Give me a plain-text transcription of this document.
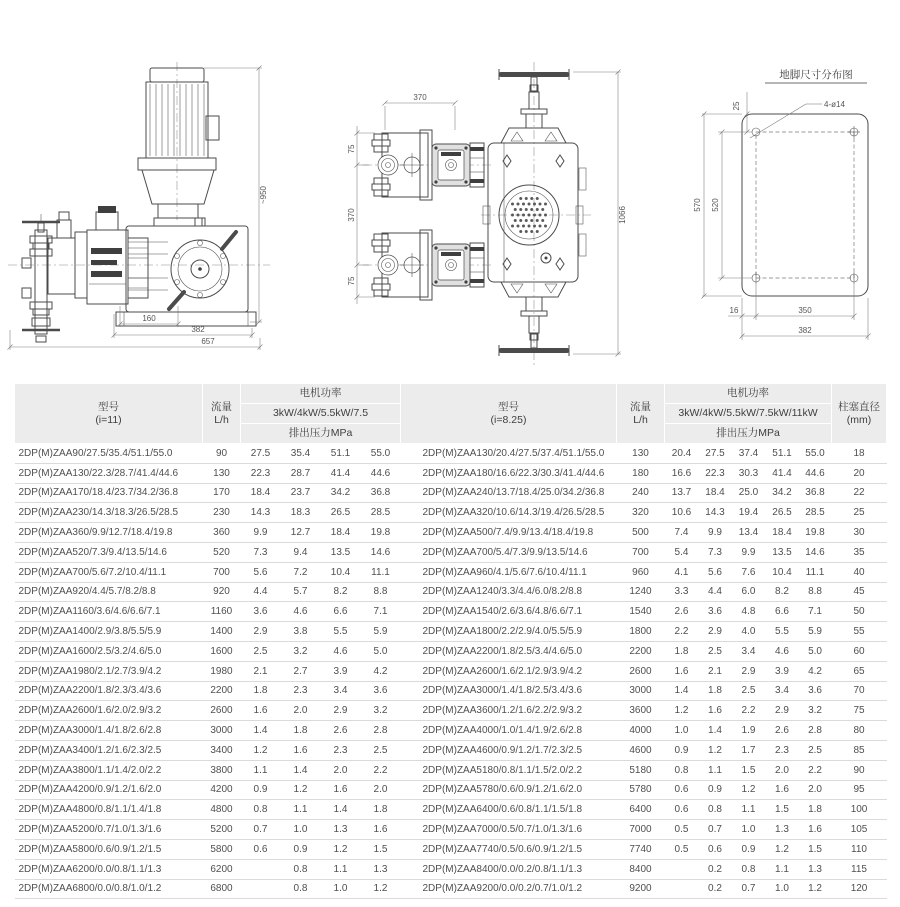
~950
160
382
657
370
75
370
75
1066
地脚尺寸分布图
4-ø14
25
570 520
16	350
382
型号
(i=11)	流量
L/h	电机功率				型号
(i=8.25)	流量
L/h	电机功率					柱塞直径
(mm)

		3kW/4kW/5.5kW/7.5						3kW/4kW/5.5kW/7.5kW/11kW					
		排出压力MPa						排出压力MPa					
2DP(M)ZAA90/27.5/35.4/51.1/55.0	90	27.5	35.4	51.1	55.0	2DP(M)ZAA130/20.4/27.5/37.4/51.1/55.0	130	20.4	27.5	37.4	51.1	55.0	18
2DP(M)ZAA130/22.3/28.7/41.4/44.6	130	22.3	28.7	41.4	44.6	2DP(M)ZAA180/16.6/22.3/30.3/41.4/44.6	180	16.6	22.3	30.3	41.4	44.6	20
2DP(M)ZAA170/18.4/23.7/34.2/36.8	170	18.4	23.7	34.2	36.8	2DP(M)ZAA240/13.7/18.4/25.0/34.2/36.8	240	13.7	18.4	25.0	34.2	36.8	22
2DP(M)ZAA230/14.3/18.3/26.5/28.5	230	14.3	18.3	26.5	28.5	2DP(M)ZAA320/10.6/14.3/19.4/26.5/28.5	320	10.6	14.3	19.4	26.5	28.5	25
2DP(M)ZAA360/9.9/12.7/18.4/19.8	360	9.9	12.7	18.4	19.8	2DP(M)ZAA500/7.4/9.9/13.4/18.4/19.8	500	7.4	9.9	13.4	18.4	19.8	30
2DP(M)ZAA520/7.3/9.4/13.5/14.6	520	7.3	9.4	13.5	14.6	2DP(M)ZAA700/5.4/7.3/9.9/13.5/14.6	700	5.4	7.3	9.9	13.5	14.6	35
2DP(M)ZAA700/5.6/7.2/10.4/11.1	700	5.6	7.2	10.4	11.1	2DP(M)ZAA960/4.1/5.6/7.6/10.4/11.1	960	4.1	5.6	7.6	10.4	11.1	40
2DP(M)ZAA920/4.4/5.7/8.2/8.8	920	4.4	5.7	8.2	8.8	2DP(M)ZAA1240/3.3/4.4/6.0/8.2/8.8	1240	3.3	4.4	6.0	8.2	8.8	45
2DP(M)ZAA1160/3.6/4.6/6.6/7.1	1160	3.6	4.6	6.6	7.1	2DP(M)ZAA1540/2.6/3.6/4.8/6.6/7.1	1540	2.6	3.6	4.8	6.6	7.1	50
2DP(M)ZAA1400/2.9/3.8/5.5/5.9	1400	2.9	3.8	5.5	5.9	2DP(M)ZAA1800/2.2/2.9/4.0/5.5/5.9	1800	2.2	2.9	4.0	5.5	5.9	55
2DP(M)ZAA1600/2.5/3.2/4.6/5.0	1600	2.5	3.2	4.6	5.0	2DP(M)ZAA2200/1.8/2.5/3.4/4.6/5.0	2200	1.8	2.5	3.4	4.6	5.0	60
2DP(M)ZAA1980/2.1/2.7/3.9/4.2	1980	2.1	2.7	3.9	4.2	2DP(M)ZAA2600/1.6/2.1/2.9/3.9/4.2	2600	1.6	2.1	2.9	3.9	4.2	65
2DP(M)ZAA2200/1.8/2.3/3.4/3.6	2200	1.8	2.3	3.4	3.6	2DP(M)ZAA3000/1.4/1.8/2.5/3.4/3.6	3000	1.4	1.8	2.5	3.4	3.6	70
2DP(M)ZAA2600/1.6/2.0/2.9/3.2	2600	1.6	2.0	2.9	3.2	2DP(M)ZAA3600/1.2/1.6/2.2/2.9/3.2	3600	1.2	1.6	2.2	2.9	3.2	75
2DP(M)ZAA3000/1.4/1.8/2.6/2.8	3000	1.4	1.8	2.6	2.8	2DP(M)ZAA4000/1.0/1.4/1.9/2.6/2.8	4000	1.0	1.4	1.9	2.6	2.8	80
2DP(M)ZAA3400/1.2/1.6/2.3/2.5	3400	1.2	1.6	2.3	2.5	2DP(M)ZAA4600/0.9/1.2/1.7/2.3/2.5	4600	0.9	1.2	1.7	2.3	2.5	85
2DP(M)ZAA3800/1.1/1.4/2.0/2.2	3800	1.1	1.4	2.0	2.2	2DP(M)ZAA5180/0.8/1.1/1.5/2.0/2.2	5180	0.8	1.1	1.5	2.0	2.2	90
2DP(M)ZAA4200/0.9/1.2/1.6/2.0	4200	0.9	1.2	1.6	2.0	2DP(M)ZAA5780/0.6/0.9/1.2/1.6/2.0	5780	0.6	0.9	1.2	1.6	2.0	95
2DP(M)ZAA4800/0.8/1.1/1.4/1.8	4800	0.8	1.1	1.4	1.8	2DP(M)ZAA6400/0.6/0.8/1.1/1.5/1.8	6400	0.6	0.8	1.1	1.5	1.8	100
2DP(M)ZAA5200/0.7/1.0/1.3/1.6	5200	0.7	1.0	1.3	1.6	2DP(M)ZAA7000/0.5/0.7/1.0/1.3/1.6	7000	0.5	0.7	1.0	1.3	1.6	105
2DP(M)ZAA5800/0.6/0.9/1.2/1.5	5800	0.6	0.9	1.2	1.5	2DP(M)ZAA7740/0.5/0.6/0.9/1.2/1.5	7740	0.5	0.6	0.9	1.2	1.5	110
2DP(M)ZAA6200/0.0/0.8/1.1/1.3	6200		0.8	1.1	1.3	2DP(M)ZAA8400/0.0/0.2/0.8/1.1/1.3	8400		0.2	0.8	1.1	1.3	115
2DP(M)ZAA6800/0.0/0.8/1.0/1.2	6800		0.8	1.0	1.2	2DP(M)ZAA9200/0.0/0.2/0.7/1.0/1.2	9200		0.2	0.7	1.0	1.2	120
